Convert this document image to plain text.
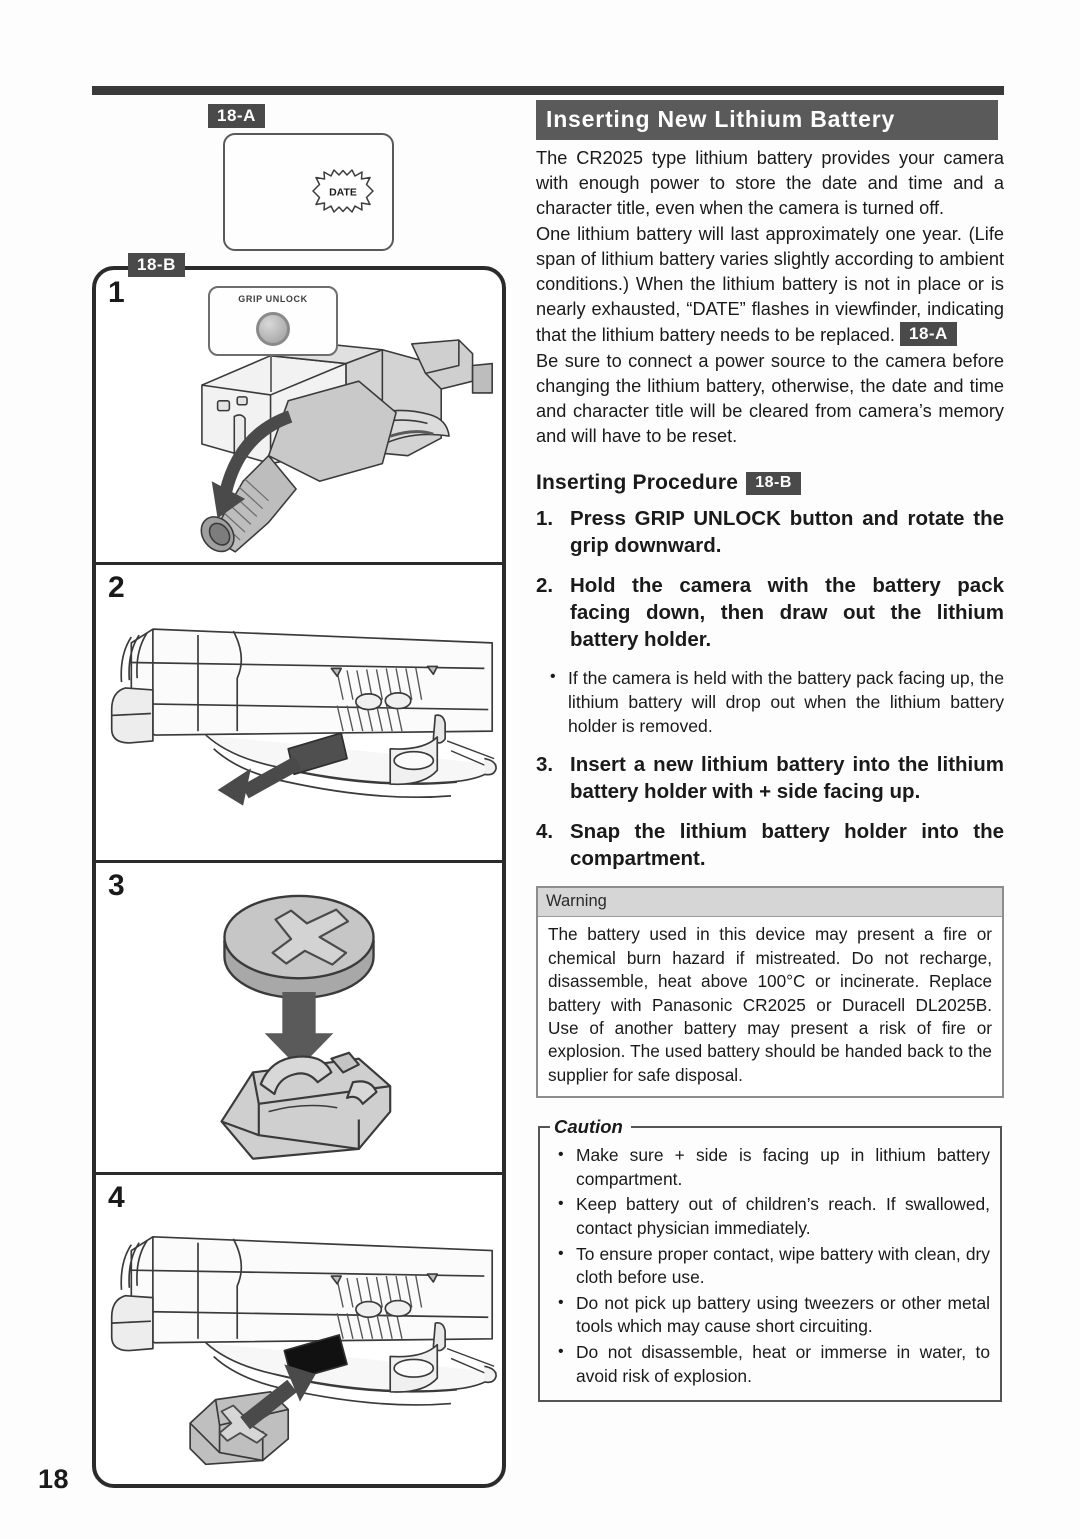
18-A
DATE
18-B
1	GRIP UNLOCK
2
3
4
Inserting New Lithium Battery

The CR2025 type lithium battery provides your camera with enough power to store the date and time and a character title, even when the camera is turned off.

One lithium battery will last approximately one year. (Life span of lithium battery varies slightly according to ambient conditions.) When the lithium battery is not in place or is nearly exhausted, “DATE” flashes in viewfinder, indicating that the lithium battery needs to be replaced. 18-A

Be sure to connect a power source to the camera before changing the lithium battery, otherwise, the date and time and character title will be cleared from camera’s memory and will have to be reset.

Inserting Procedure 18-B
1. Press GRIP UNLOCK button and rotate the grip downward.
2. Hold the camera with the battery pack facing down, then draw out the lithium battery holder.
• If the camera is held with the battery pack facing up, the lithium battery will drop out when the lithium battery holder is removed.
3. Insert a new lithium battery into the lithium battery holder with + side facing up.
4. Snap the lithium battery holder into the compartment.
Warning

The battery used in this device may present a fire or chemical burn hazard if mistreated. Do not recharge, disassemble, heat above 100°C or incinerate. Replace battery with Panasonic CR2025 or Duracell DL2025B. Use of another battery may present a risk of fire or explosion. The used battery should be handed back to the supplier for safe disposal.

Caution
• Make sure + side is facing up in lithium battery compartment.
• Keep battery out of children’s reach. If swallowed, contact physician immediately.
• To ensure proper contact, wipe battery with clean, dry cloth before use.
• Do not pick up battery using tweezers or other metal tools which may cause short circuiting.
• Do not disassemble, heat or immerse in water, to avoid risk of explosion.
18
